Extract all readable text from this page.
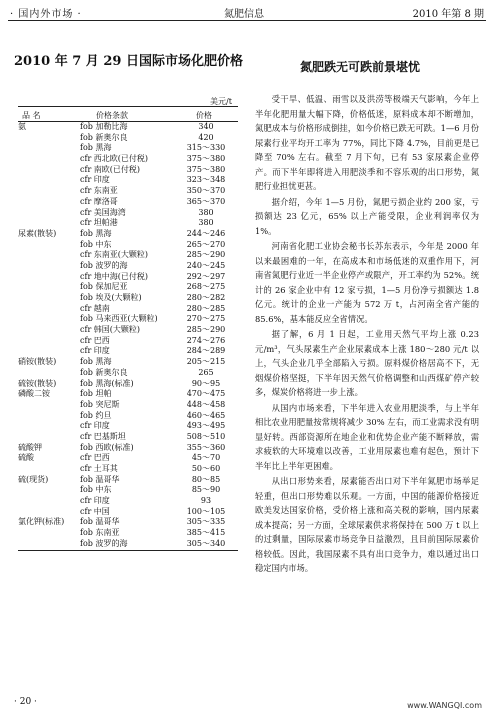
· 国内外市场 ·	氮肥信息	2010 年第 8 期
2010 年 7 月 29 日国际市场化肥价格
美元/t
品 名	价格条款	价格
氨	fob 加勒比海	340
fob 新奥尔良	420
fob 黑海	315～330
cfr 西北欧(已付税)	375～380
cfr 南欧(已付税)	375～380
cfr 印度	323～348
cfr 东南亚	350～370
cfr 摩洛哥	365～370
cfr 美国海湾	380
cfr 坦帕港	380
尿素(散装)	fob 黑海	244～246
fob 中东	265～270
cfr 东南亚(大颗粒)	285～290
fob 波罗的海	240～245
cfr 地中海(已付税)	292～297
fob 保加尼亚	268～275
fob 埃及(大颗粒)	280～282
cfr 越南	280～285
fob 马来西亚(大颗粒)	270～275
cfr 韩国(大颗粒)	285～290
cfr 巴西	274～276
cfr 印度	284～289
硝铵(散装)	fob 黑海	205～215
fob 新奥尔良	265
硫铵(散装)	fob 黑海(标准)	90～95
磷酸二铵	fob 坦帕	470～475
fob 突尼斯	448～458
fob 约旦	460～465
cfr 印度	493～495
cfr 巴基斯坦	508～510
硫酸钾	fob 西欧(标准)	355～360
硫酸	cfr 巴西	45～70
cfr 土耳其	50～60
硫(现货)	fob 温哥华	80～85
fob 中东	85～90
cfr 印度	93
cfr 中国	100～105
氯化钾(标准) fob 温哥华	305～335
fob 东南亚	385～415
fob 波罗的海	305～340
氮肥跌无可跌前景堪忧

受干旱、低温、雨雪以及洪涝等极端天气影响，今年上半年化肥用量大幅下降，价格低迷，原料成本却不断增加，氮肥成本与价格形成倒挂，如今价格已跌无可跌。1—6 月份尿素行业平均开工率为 77%，同比下降 4.7%，目前更是已降至 70% 左右。截至 7 月下旬，已有 53 家尿素企业停产。而下半年即将进入用肥淡季和不容乐观的出口形势，氮肥行业担忧更甚。

据介绍，今年 1—5 月份，氮肥亏损企业约 200 家，亏损额达 23 亿元，65% 以上产能受限，企业利润率仅为 1%。

河南省化肥工业协会秘书长苏东表示，今年是 2000 年以来最困难的一年，在高成本和市场低迷的双重作用下，河南省氮肥行业近一半企业停产或限产，开工率约为 52%。统计的 26 家企业中有 12 家亏损，1—5 月份净亏损额达 1.8 亿元。统计的企业一产能为 572 万 t，占河南全省产能的 85.6%，基本能反应全省情况。

据了解，6 月 1 日起，工业用天然气平均上涨 0.23 元/m³，气头尿素生产企业尿素成本上涨 180～280 元/t 以上，气头企业几乎全部陷入亏损。原料煤价格居高不下，无烟煤价格坚挺，下半年因天然气价格调整和山西煤矿停产较多，煤炭价格将进一步上涨。

从国内市场来看，下半年进入农业用肥淡季，与上半年相比农业用肥量按常规将减少 30% 左右，而工业需求没有明显好转。西部资源所在地企业和优势企业产能不断释放，需求疲软的大环境难以改善，工业用尿素也难有起色，预计下半年比上半年更困难。

从出口形势来看，尿素能否出口对下半年氮肥市场举足轻重，但出口形势难以乐观。一方面，中国的能源价格接近欧美发达国家价格，受价格上涨和高关税的影响，国内尿素成本提高；另一方面，全球尿素供求将保持在 500 万 t 以上的过剩量，国际尿素市场竞争日益激烈，且目前国际尿素价格较低。因此，我国尿素不具有出口竞争力，难以通过出口稳定国内市场。

· 20 ·	www.WANGQI.com
